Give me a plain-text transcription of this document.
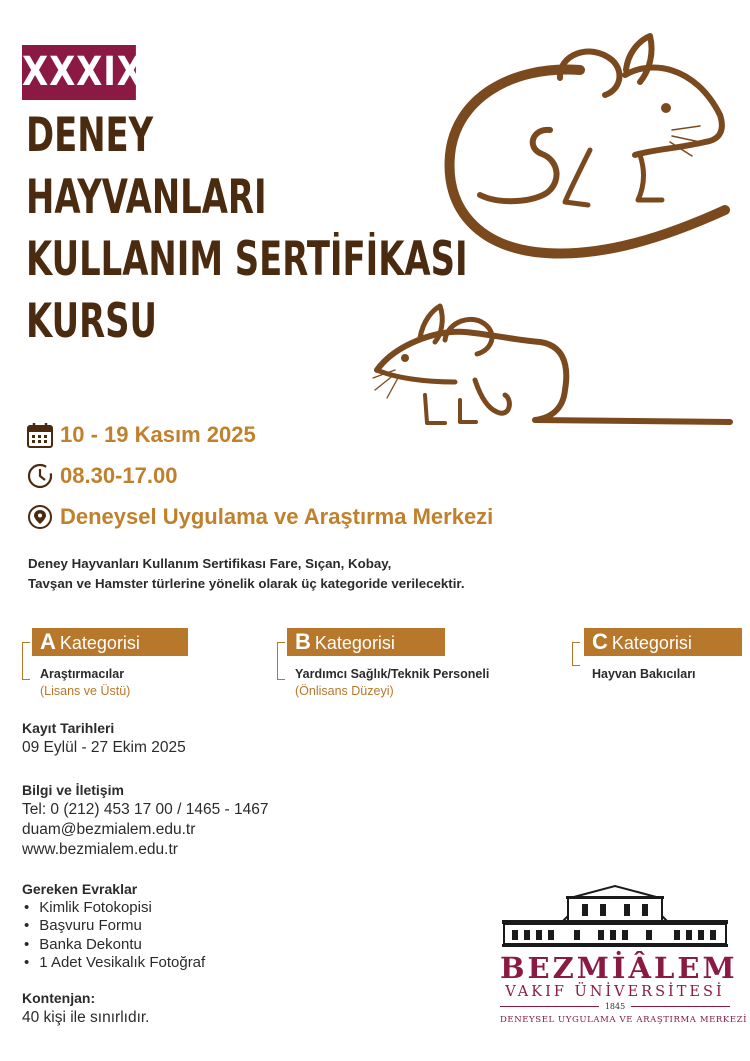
XXXIX.
DENEY
HAYVANLARI
KULLANIM SERTİFİKASI
KURSU
10 - 19 Kasım 2025
08.30-17.00
Deneysel Uygulama ve Araştırma Merkezi
Deney Hayvanları Kullanım Sertifikası Fare, Sıçan, Kobay,
Tavşan ve Hamster türlerine yönelik olarak üç kategoride verilecektir.
A Kategorisi
Araştırmacılar
(Lisans ve Üstü)
B Kategorisi
Yardımcı Sağlık/Teknik Personeli
(Önlisans Düzeyi)
C Kategorisi
Hayvan Bakıcıları
Kayıt Tarihleri
09 Eylül - 27 Ekim 2025
Bilgi ve İletişim
Tel: 0 (212) 453 17 00 / 1465 - 1467
duam@bezmialem.edu.tr
www.bezmialem.edu.tr
Gereken Evraklar
• Kimlik Fotokopisi
• Başvuru Formu
• Banka Dekontu
• 1 Adet Vesikalık Fotoğraf
Kontenjan:
40 kişi ile sınırlıdır.
BEZMİÂLEM
VAKIF ÜNİVERSİTESİ
1845
DENEYSEL UYGULAMA VE ARAŞTIRMA MERKEZİ
